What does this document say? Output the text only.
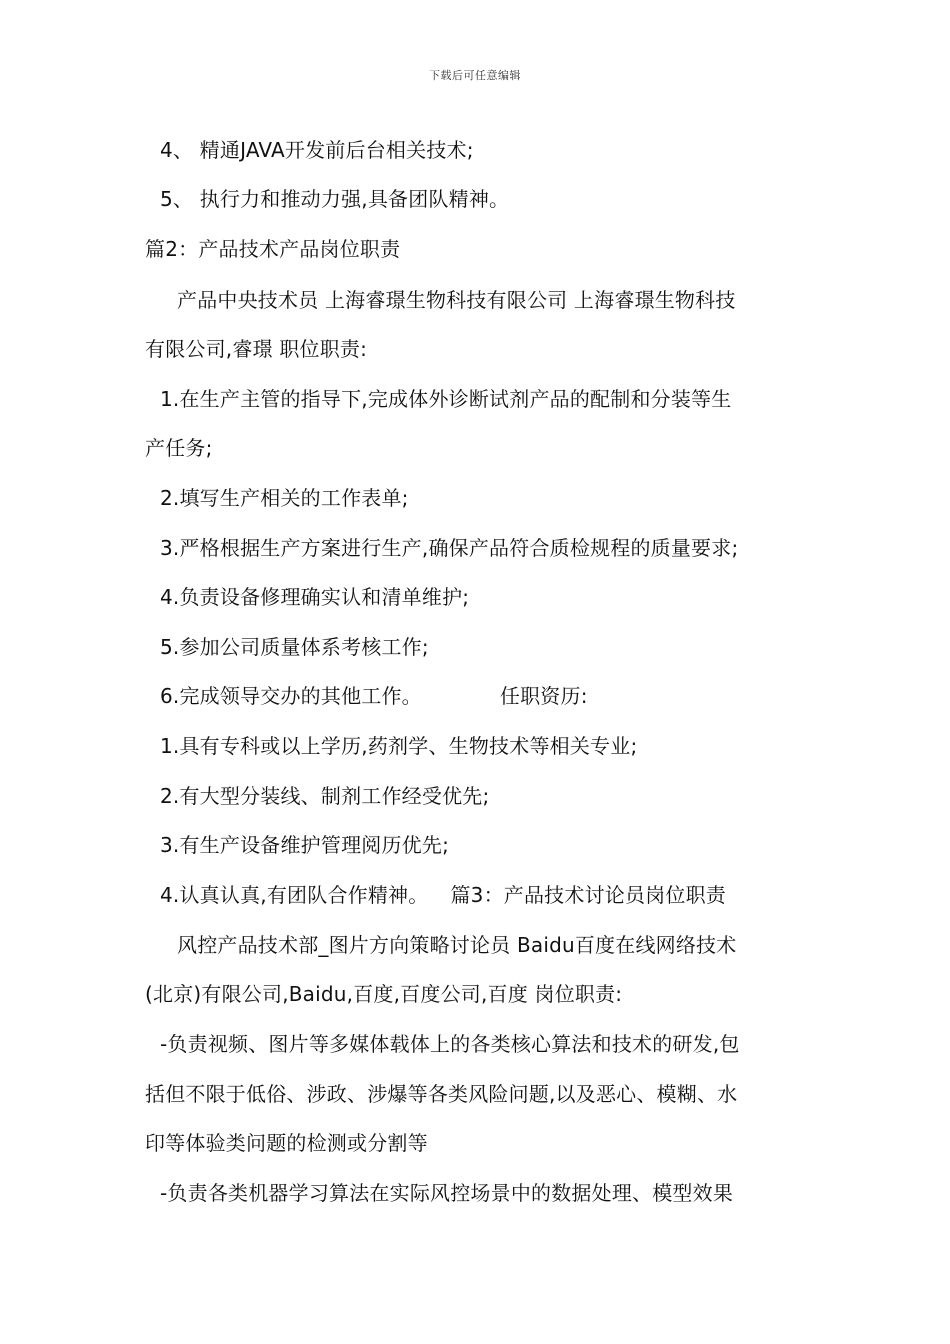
下载后可任意编辑
4、 精通JAVA开发前后台相关技术;
5、 执行力和推动力强,具备团队精神。
篇2：产品技术产品岗位职责
产品中央技术员 上海睿璟生物科技有限公司 上海睿璟生物科技
有限公司,睿璟 职位职责:
1.在生产主管的指导下,完成体外诊断试剂产品的配制和分装等生
产任务;
2.填写生产相关的工作表单;
3.严格根据生产方案进行生产,确保产品符合质检规程的质量要求;
4.负责设备修理确实认和清单维护;
5.参加公司质量体系考核工作;
6.完成领导交办的其他工作。	任职资历:
1.具有专科或以上学历,药剂学、生物技术等相关专业;
2.有大型分装线、制剂工作经受优先;
3.有生产设备维护管理阅历优先;
4.认真认真,有团队合作精神。 篇3：产品技术讨论员岗位职责
风控产品技术部_图片方向策略讨论员 Baidu百度在线网络技术
(北京)有限公司,Baidu,百度,百度公司,百度 岗位职责:
-负责视频、图片等多媒体载体上的各类核心算法和技术的研发,包
括但不限于低俗、涉政、涉爆等各类风险问题,以及恶心、模糊、水
印等体验类问题的检测或分割等
-负责各类机器学习算法在实际风控场景中的数据处理、模型效果
